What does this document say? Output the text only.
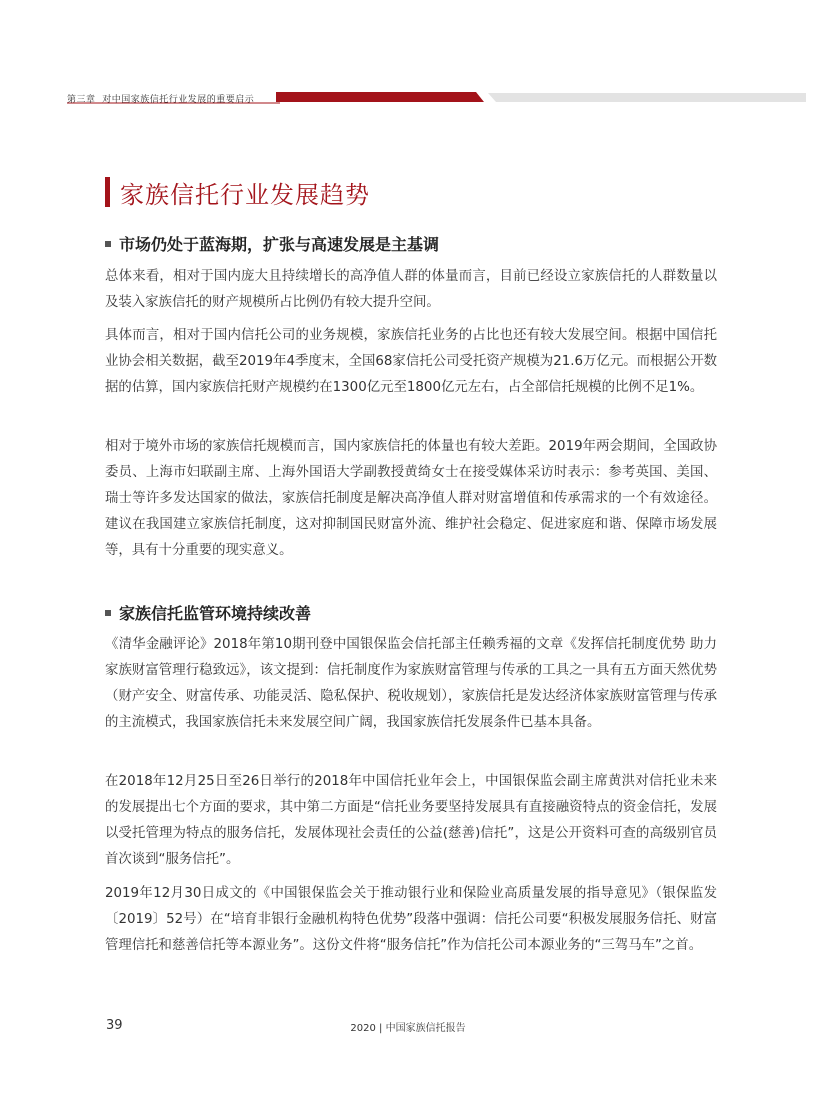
第三章 对中国家族信托行业发展的重要启示
家族信托行业发展趋势
市场仍处于蓝海期，扩张与高速发展是主基调

总体来看，相对于国内庞大且持续增长的高净值人群的体量而言，目前已经设立家族信托的人群数量以及装入家族信托的财产规模所占比例仍有较大提升空间。

具体而言，相对于国内信托公司的业务规模，家族信托业务的占比也还有较大发展空间。根据中国信托业协会相关数据，截至2019年4季度末，全国68家信托公司受托资产规模为21.6万亿元。而根据公开数据的估算，国内家族信托财产规模约在1300亿元至1800亿元左右，占全部信托规模的比例不足1%。

相对于境外市场的家族信托规模而言，国内家族信托的体量也有较大差距。2019年两会期间，全国政协委员、上海市妇联副主席、上海外国语大学副教授黄绮女士在接受媒体采访时表示：参考英国、美国、瑞士等许多发达国家的做法，家族信托制度是解决高净值人群对财富增值和传承需求的一个有效途径。建议在我国建立家族信托制度，这对抑制国民财富外流、维护社会稳定、促进家庭和谐、保障市场发展等，具有十分重要的现实意义。

家族信托监管环境持续改善

《清华金融评论》2018年第10期刊登中国银保监会信托部主任赖秀福的文章《发挥信托制度优势 助力家族财富管理行稳致远》，该文提到：信托制度作为家族财富管理与传承的工具之一具有五方面天然优势（财产安全、财富传承、功能灵活、隐私保护、税收规划），家族信托是发达经济体家族财富管理与传承的主流模式，我国家族信托未来发展空间广阔，我国家族信托发展条件已基本具备。

在2018年12月25日至26日举行的2018年中国信托业年会上，中国银保监会副主席黄洪对信托业未来的发展提出七个方面的要求，其中第二方面是“信托业务要坚持发展具有直接融资特点的资金信托，发展以受托管理为特点的服务信托，发展体现社会责任的公益(慈善)信托”，这是公开资料可查的高级别官员首次谈到“服务信托”。

2019年12月30日成文的《中国银保监会关于推动银行业和保险业高质量发展的指导意见》（银保监发〔2019〕52号）在“培育非银行金融机构特色优势”段落中强调：信托公司要“积极发展服务信托、财富管理信托和慈善信托等本源业务”。这份文件将“服务信托”作为信托公司本源业务的“三驾马车”之首。

39	2020 | 中国家族信托报告
